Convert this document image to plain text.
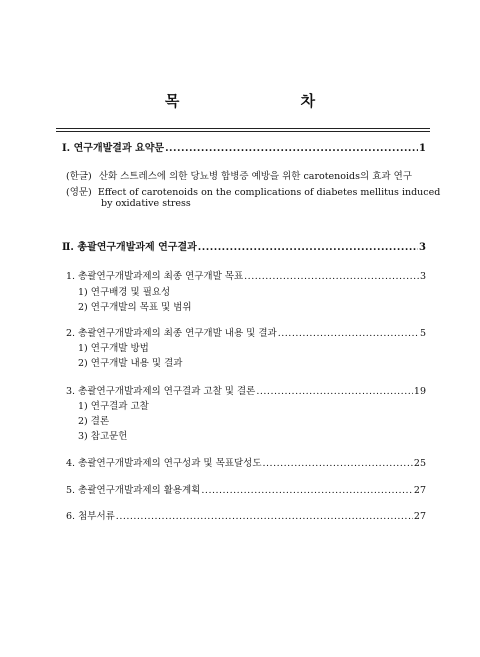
목 차
Ⅰ. 연구개발결과 요약문 .....	1
(한글) 산화 스트레스에 의한 당뇨병 합병증 예방을 위한 carotenoids의 효과 연구
(영문) Effect of carotenoids on the complications of diabetes mellitus induced
by oxidative stress
Ⅱ. 총괄연구개발과제 연구결과 .....	3
1. 총괄연구개발과제의 최종 연구개발 목표 .....	3
1) 연구배경 및 필요성
2) 연구개발의 목표 및 범위
2. 총괄연구개발과제의 최종 연구개발 내용 및 결과 .....	5
1) 연구개발 방법
2) 연구개발 내용 및 결과
3. 총괄연구개발과제의 연구결과 고찰 및 결론 .....	19
1) 연구결과 고찰
2) 결론
3) 참고문헌
4. 총괄연구개발과제의 연구성과 및 목표달성도 .....	25
5. 총괄연구개발과제의 활용계획 .....	27
6. 첨부서류 .....	27
